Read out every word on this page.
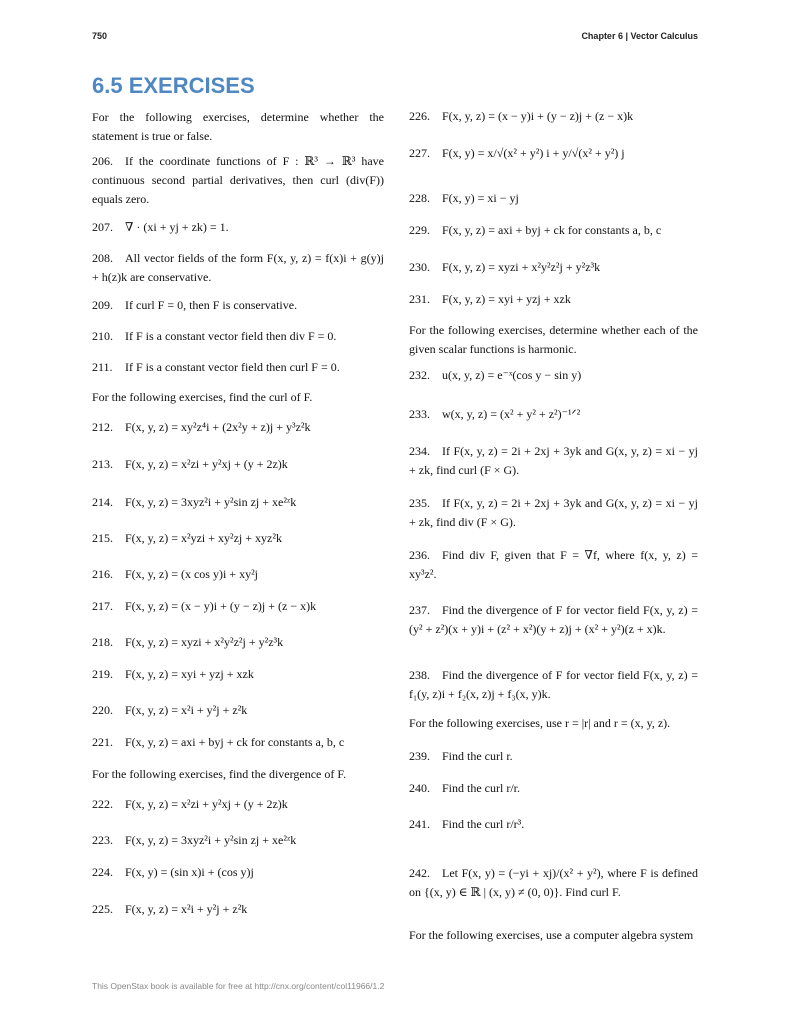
750	Chapter 6 | Vector Calculus
6.5 EXERCISES
For the following exercises, determine whether the statement is true or false.
206. If the coordinate functions of F : ℝ³ → ℝ³ have continuous second partial derivatives, then curl (div(F)) equals zero.
207. ∇ · (xi + yj + zk) = 1.
208. All vector fields of the form F(x, y, z) = f(x)i + g(y)j + h(z)k are conservative.
209. If curl F = 0, then F is conservative.
210. If F is a constant vector field then div F = 0.
211. If F is a constant vector field then curl F = 0.
For the following exercises, find the curl of F.
212. F(x, y, z) = xy²z⁴i + (2x²y + z)j + y³z²k
213. F(x, y, z) = x²zi + y²xj + (y + 2z)k
214. F(x, y, z) = 3xyz²i + y²sin zj + xe²ᶻk
215. F(x, y, z) = x²yzi + xy²zj + xyz²k
216. F(x, y, z) = (x cos y)i + xy²j
217. F(x, y, z) = (x − y)i + (y − z)j + (z − x)k
218. F(x, y, z) = xyzi + x²y²z²j + y²z³k
219. F(x, y, z) = xyi + yzj + xzk
220. F(x, y, z) = x²i + y²j + z²k
221. F(x, y, z) = axi + byj + ck for constants a, b, c
For the following exercises, find the divergence of F.
222. F(x, y, z) = x²zi + y²xj + (y + 2z)k
223. F(x, y, z) = 3xyz²i + y²sin zj + xe²ᶻk
224. F(x, y) = (sin x)i + (cos y)j
225. F(x, y, z) = x²i + y²j + z²k
226. F(x, y, z) = (x − y)i + (y − z)j + (z − x)k
227. F(x, y) = x/√(x² + y²) i + y/√(x² + y²) j
228. F(x, y) = xi − yj
229. F(x, y, z) = axi + byj + ck for constants a, b, c
230. F(x, y, z) = xyzi + x²y²z²j + y²z³k
231. F(x, y, z) = xyi + yzj + xzk
For the following exercises, determine whether each of the given scalar functions is harmonic.
232. u(x, y, z) = e⁻ˣ(cos y − sin y)
233. w(x, y, z) = (x² + y² + z²)⁻¹ᐟ²
234. If F(x, y, z) = 2i + 2xj + 3yk and G(x, y, z) = xi − yj + zk, find curl (F × G).
235. If F(x, y, z) = 2i + 2xj + 3yk and G(x, y, z) = xi − yj + zk, find div (F × G).
236. Find div F, given that F = ∇f, where f(x, y, z) = xy³z².
237. Find the divergence of F for vector field F(x, y, z) = (y² + z²)(x + y)i + (z² + x²)(y + z)j + (x² + y²)(z + x)k.
238. Find the divergence of F for vector field F(x, y, z) = f₁(y, z)i + f₂(x, z)j + f₃(x, y)k.
For the following exercises, use r = |r| and r = (x, y, z).
239. Find the curl r.
240. Find the curl r/r.
241. Find the curl r/r³.
242. Let F(x, y) = (−yi + xj)/(x² + y²), where F is defined on {(x, y) ∈ ℝ | (x, y) ≠ (0, 0)}. Find curl F.
For the following exercises, use a computer algebra system
This OpenStax book is available for free at http://cnx.org/content/col11966/1.2
